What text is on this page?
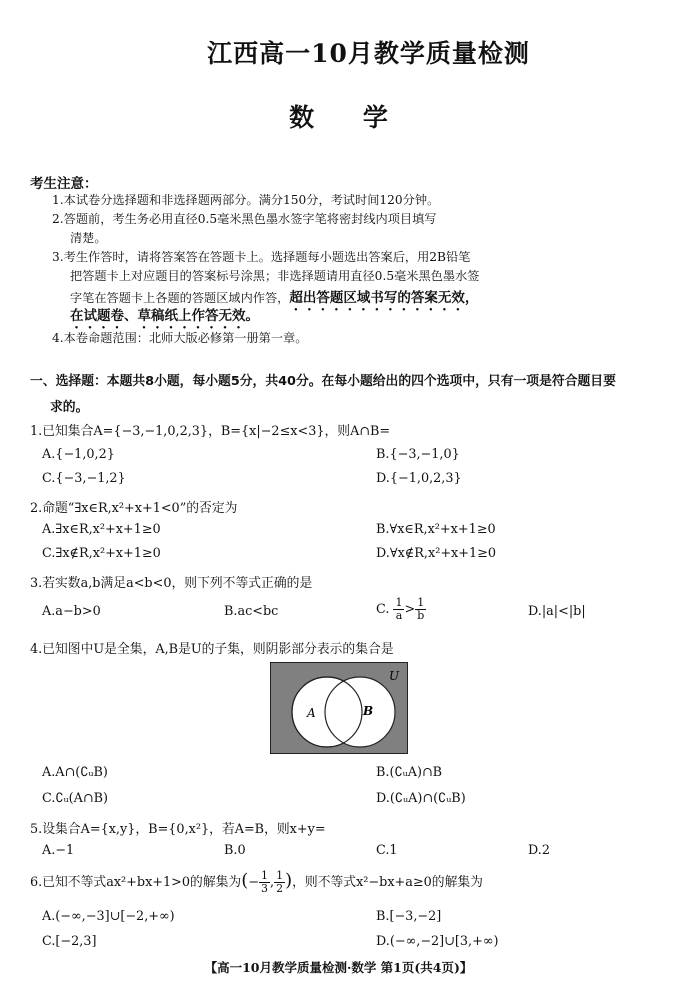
江西高一10月教学质量检测
数 学
考生注意：
1.本试卷分选择题和非选择题两部分。满分150分，考试时间120分钟。
2.答题前，考生务必用直径0.5毫米黑色墨水签字笔将密封线内项目填写
清楚。
3.考生作答时，请将答案答在答题卡上。选择题每小题选出答案后，用2B铅笔
把答题卡上对应题目的答案标号涂黑；非选择题请用直径0.5毫米黑色墨水签
字笔在答题卡上各题的答题区域内作答，超出答题区域书写的答案无效，
在试题卷、草稿纸上作答无效。
4.本卷命题范围：北师大版必修第一册第一章。
一、选择题：本题共8小题，每小题5分，共40分。在每小题给出的四个选项中，只有一项是符合题目要
求的。
1.已知集合A={−3,−1,0,2,3}，B={x|−2≤x<3}，则A∩B=
A.{−1,0,2}	B.{−3,−1,0}
C.{−3,−1,2}	D.{−1,0,2,3}
2.命题“∃x∈R,x²+x+1<0”的否定为
A.∃x∈R,x²+x+1≥0	B.∀x∈R,x²+x+1≥0
C.∃x∉R,x²+x+1≥0	D.∀x∉R,x²+x+1≥0
3.若实数a,b满足a<b<0，则下列不等式正确的是
A.a−b>0	B.ac<bc	C. $\frac{1}{a} > \frac{1}{b}$	D.|a|<|b|
4.已知图中U是全集，A,B是U的子集，则阴影部分表示的集合是
U
A	B
A.A∩(∁ᵤB)	B.(∁ᵤA)∩B
C.∁ᵤ(A∩B)	D.(∁ᵤA)∩(∁ᵤB)
5.设集合A={x,y}，B={0,x²}，若A=B，则x+y=
A.−1	B.0	C.1	D.2
6.已知不等式ax²+bx+1>0的解集为(− $\frac{1}{3}$ , $\frac{1}{2}$ )，则不等式x²−bx+a≥0的解集为
A.(−∞,−3]∪[−2,+∞)	B.[−3,−2]
C.[−2,3]	D.(−∞,−2]∪[3,+∞)
【高一10月教学质量检测·数学 第1页(共4页)】
